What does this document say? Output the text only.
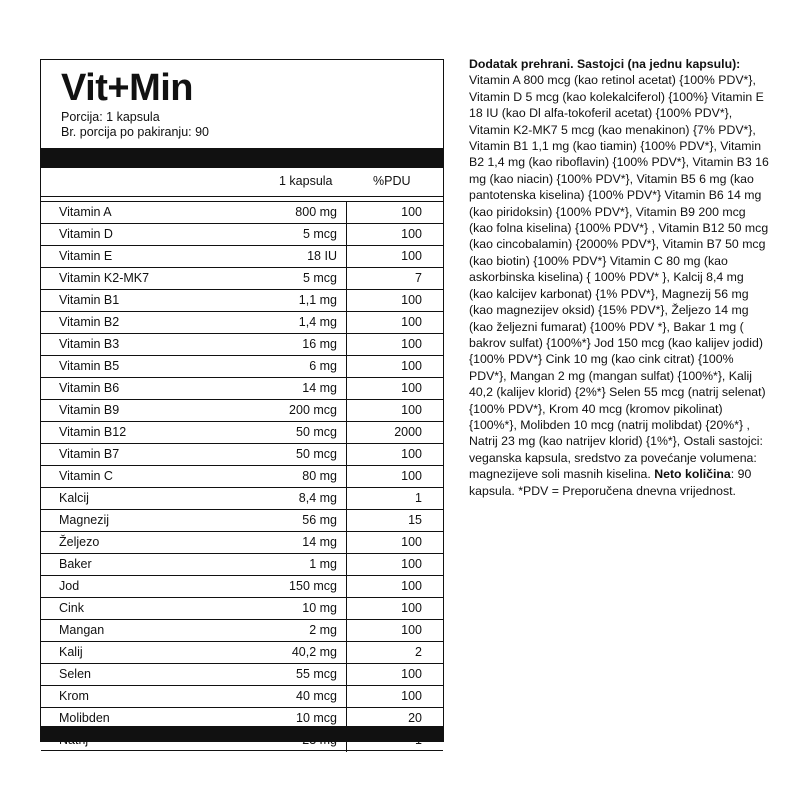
Vit+Min
Porcija: 1 kapsula
Br. porcija po pakiranju: 90
1 kapsula	%PDU
Vitamin A	800 mg	100
Vitamin D	5 mcg	100
Vitamin E	18 IU	100
Vitamin K2-MK7	5 mcg	7
Vitamin B1	1,1 mg	100
Vitamin B2	1,4 mg	100
Vitamin B3	16 mg	100
Vitamin B5	6 mg	100
Vitamin B6	14 mg	100
Vitamin B9	200 mcg	100
Vitamin B12	50 mcg	2000
Vitamin B7	50 mcg	100
Vitamin C	80 mg	100
Kalcij	8,4 mg	1
Magnezij	56 mg	15
Željezo	14 mg	100
Baker	1 mg	100
Jod	150 mcg	100
Cink	10 mg	100
Mangan	2 mg	100
Kalij	40,2 mg	2
Selen	55 mcg	100
Krom	40 mcg	100
Molibden	10 mcg	20
Dodatak prehrani. Sastojci (na jednu kapsulu): Vitamin A 800 mcg (kao retinol acetat) {100% PDV*}, Vitamin D 5 mcg (kao kolekalciferol) {100%} Vitamin E 18 IU (kao Dl alfa-tokoferil acetat) {100% PDV*}, Vitamin K2-MK7 5 mcg (kao menakinon) {7% PDV*}, Vitamin B1 1,1 mg (kao tiamin) {100% PDV*}, Vitamin B2 1,4 mg (kao riboflavin) {100% PDV*}, Vitamin B3 16 mg (kao niacin) {100% PDV*}, Vitamin B5 6 mg (kao pantotenska kiselina) {100% PDV*} Vitamin B6 14 mg (kao piridoksin) {100% PDV*}, Vitamin B9 200 mcg (kao folna kiselina) {100% PDV*} , Vitamin B12 50 mcg (kao cincobalamin) {2000% PDV*}, Vitamin B7 50 mcg (kao biotin) {100% PDV*} Vitamin C 80 mg (kao askorbinska kiselina) { 100% PDV* }, Kalcij 8,4 mg (kao kalcijev karbonat) {1% PDV*}, Magnezij 56 mg (kao magnezijev oksid) {15% PDV*}, Željezo 14 mg (kao željezni fumarat) {100% PDV *}, Bakar 1 mg ( bakrov sulfat) {100%*} Jod 150 mcg (kao kalijev jodid) {100% PDV*} Cink 10 mg (kao cink citrat) {100% PDV*}, Mangan 2 mg (mangan sulfat) {100%*}, Kalij 40,2 (kalijev klorid) {2%*} Selen 55 mcg (natrij selenat) {100% PDV*}, Krom 40 mcg (kromov pikolinat) {100%*}, Molibden 10 mcg (natrij molibdat) {20%*} , Natrij 23 mg (kao natrijev klorid) {1%*}, Ostali sastojci: veganska kapsula, sredstvo za povećanje volumena: magnezijeve soli masnih kiselina. Neto količina: 90 kapsula. *PDV = Preporučena dnevna vrijednost.
